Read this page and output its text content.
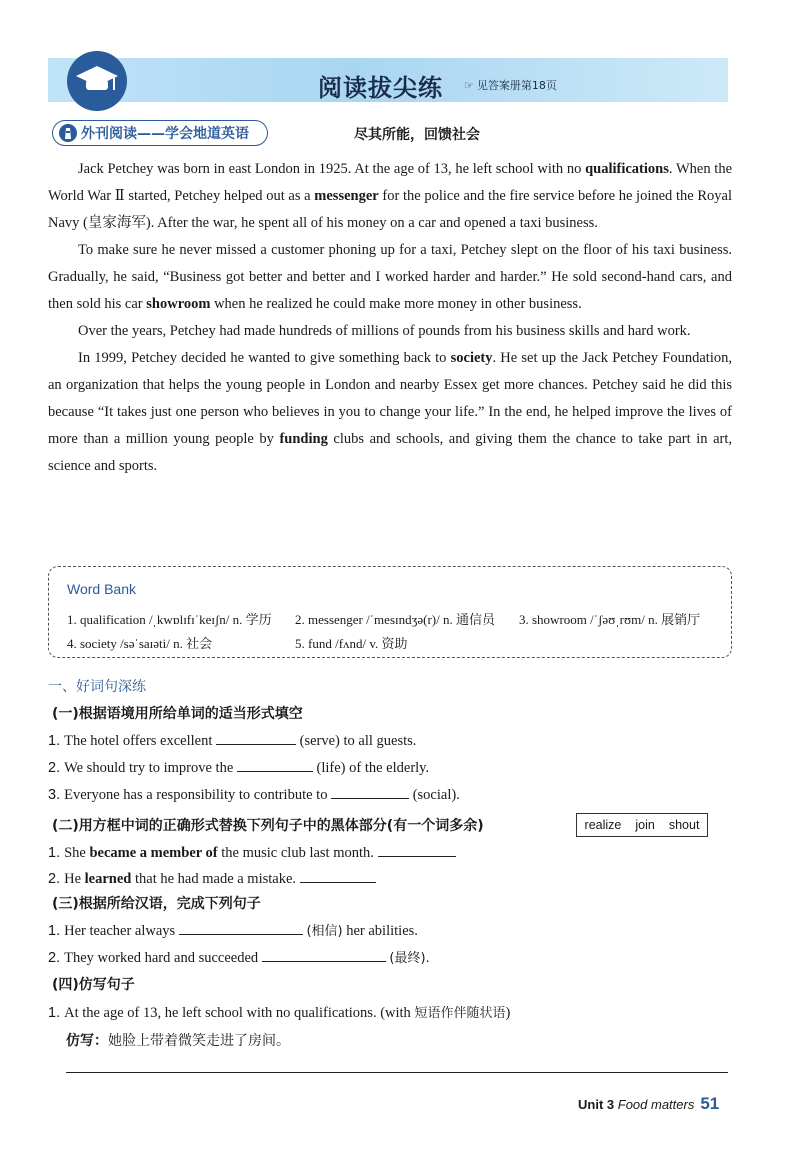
阅读拔尖练 ☞ 见答案册第18页
外刊阅读——学会地道英语	尽其所能，回馈社会

Jack Petchey was born in east London in 1925. At the age of 13, he left school with no qualifications. When the World War Ⅱ started, Petchey helped out as a messenger for the police and the fire service before he joined the Royal Navy (皇家海军). After the war, he spent all of his money on a car and opened a taxi business.

To make sure he never missed a customer phoning up for a taxi, Petchey slept on the floor of his taxi business. Gradually, he said, “Business got better and better and I worked harder and harder.” He sold second-hand cars, and then sold his car showroom when he realized he could make more money in other business.

Over the years, Petchey had made hundreds of millions of pounds from his business skills and hard work.

In 1999, Petchey decided he wanted to give something back to society. He set up the Jack Petchey Foundation, an organization that helps the young people in London and nearby Essex get more chances. Petchey said he did this because “It takes just one person who believes in you to change your life.” In the end, he helped improve the lives of more than a million young people by funding clubs and schools, and giving them the chance to take part in art, science and sports.

Word Bank
1. qualification /ˌkwɒlɪfɪˈkeɪʃn/ n. 学历 2. messenger /ˈmesɪndʒə(r)/ n. 通信员 3. showroom /ˈʃəʊˌrʊm/ n. 展销厅
4. society /səˈsaɪəti/ n. 社会	5. fund /fʌnd/ v. 资助
一、好词句深练
(一)根据语境用所给单词的适当形式填空
1. The hotel offers excellent	(serve) to all guests.
2. We should try to improve the	(life) of the elderly.
3. Everyone has a responsibility to contribute to	(social).
(二)用方框中词的正确形式替换下列句子中的黑体部分(有一个词多余)	realize join shout
1. She became a member of the music club last month.
2. He learned that he had made a mistake.
(三)根据所给汉语，完成下列句子
1. Her teacher always	(相信) her abilities.
2. They worked hard and succeeded	(最终).
(四)仿写句子
1. At the age of 13, he left school with no qualifications. (with 短语作伴随状语)
仿写：她脸上带着微笑走进了房间。
Unit 3 Food matters 51
